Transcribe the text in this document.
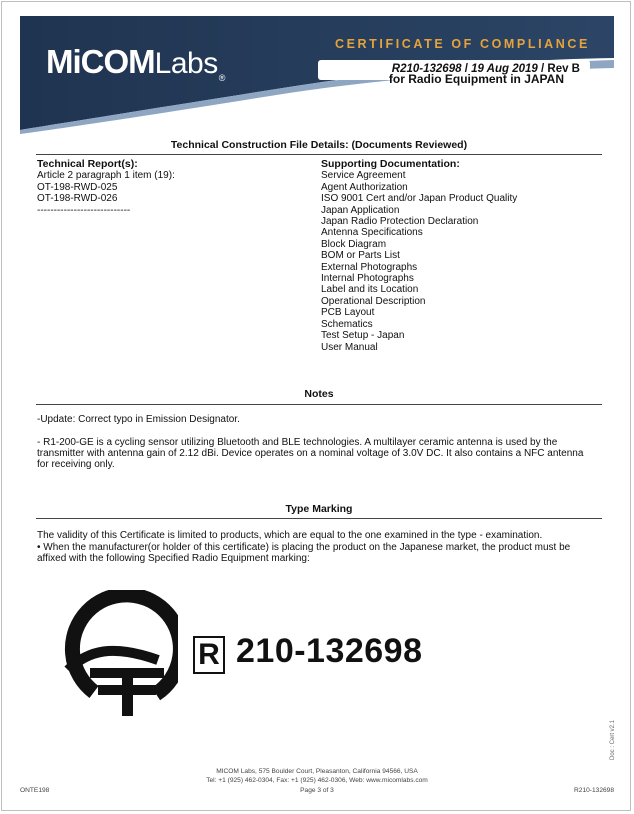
MiCOMLabs®
CERTIFICATE OF COMPLIANCE
R210-132698 / 19 Aug 2019 / Rev B
for Radio Equipment in JAPAN
Technical Construction File Details: (Documents Reviewed)
Technical Report(s):
Article 2 paragraph 1 item (19):
OT-198-RWD-025
OT-198-RWD-026
----------------------------
Supporting Documentation:
Service Agreement
Agent Authorization
ISO 9001 Cert and/or Japan Product Quality
Japan Application
Japan Radio Protection Declaration
Antenna Specifications
Block Diagram
BOM or Parts List
External Photographs
Internal Photographs
Label and its Location
Operational Description
PCB Layout
Schematics
Test Setup - Japan
User Manual
Notes
-Update: Correct typo in Emission Designator.
- R1-200-GE is a cycling sensor utilizing Bluetooth and BLE technologies. A multilayer ceramic antenna is used by the transmitter with antenna gain of 2.12 dBi. Device operates on a nominal voltage of 3.0V DC. It also contains a NFC antenna for receiving only.
Type Marking
The validity of this Certificate is limited to products, which are equal to the one examined in the type - examination.
• When the manufacturer(or holder of this certificate) is placing the product on the Japanese market, the product must be affixed with the following Specified Radio Equipment marking:
R 210-132698
MICOM Labs, 575 Boulder Court, Pleasanton, California 94566, USA
Tel: +1 (925) 462-0304, Fax: +1 (925) 462-0306, Web: www.micomlabs.com
ONTE198	Page 3 of 3	R210-132698
Doc : Cert v2.1
